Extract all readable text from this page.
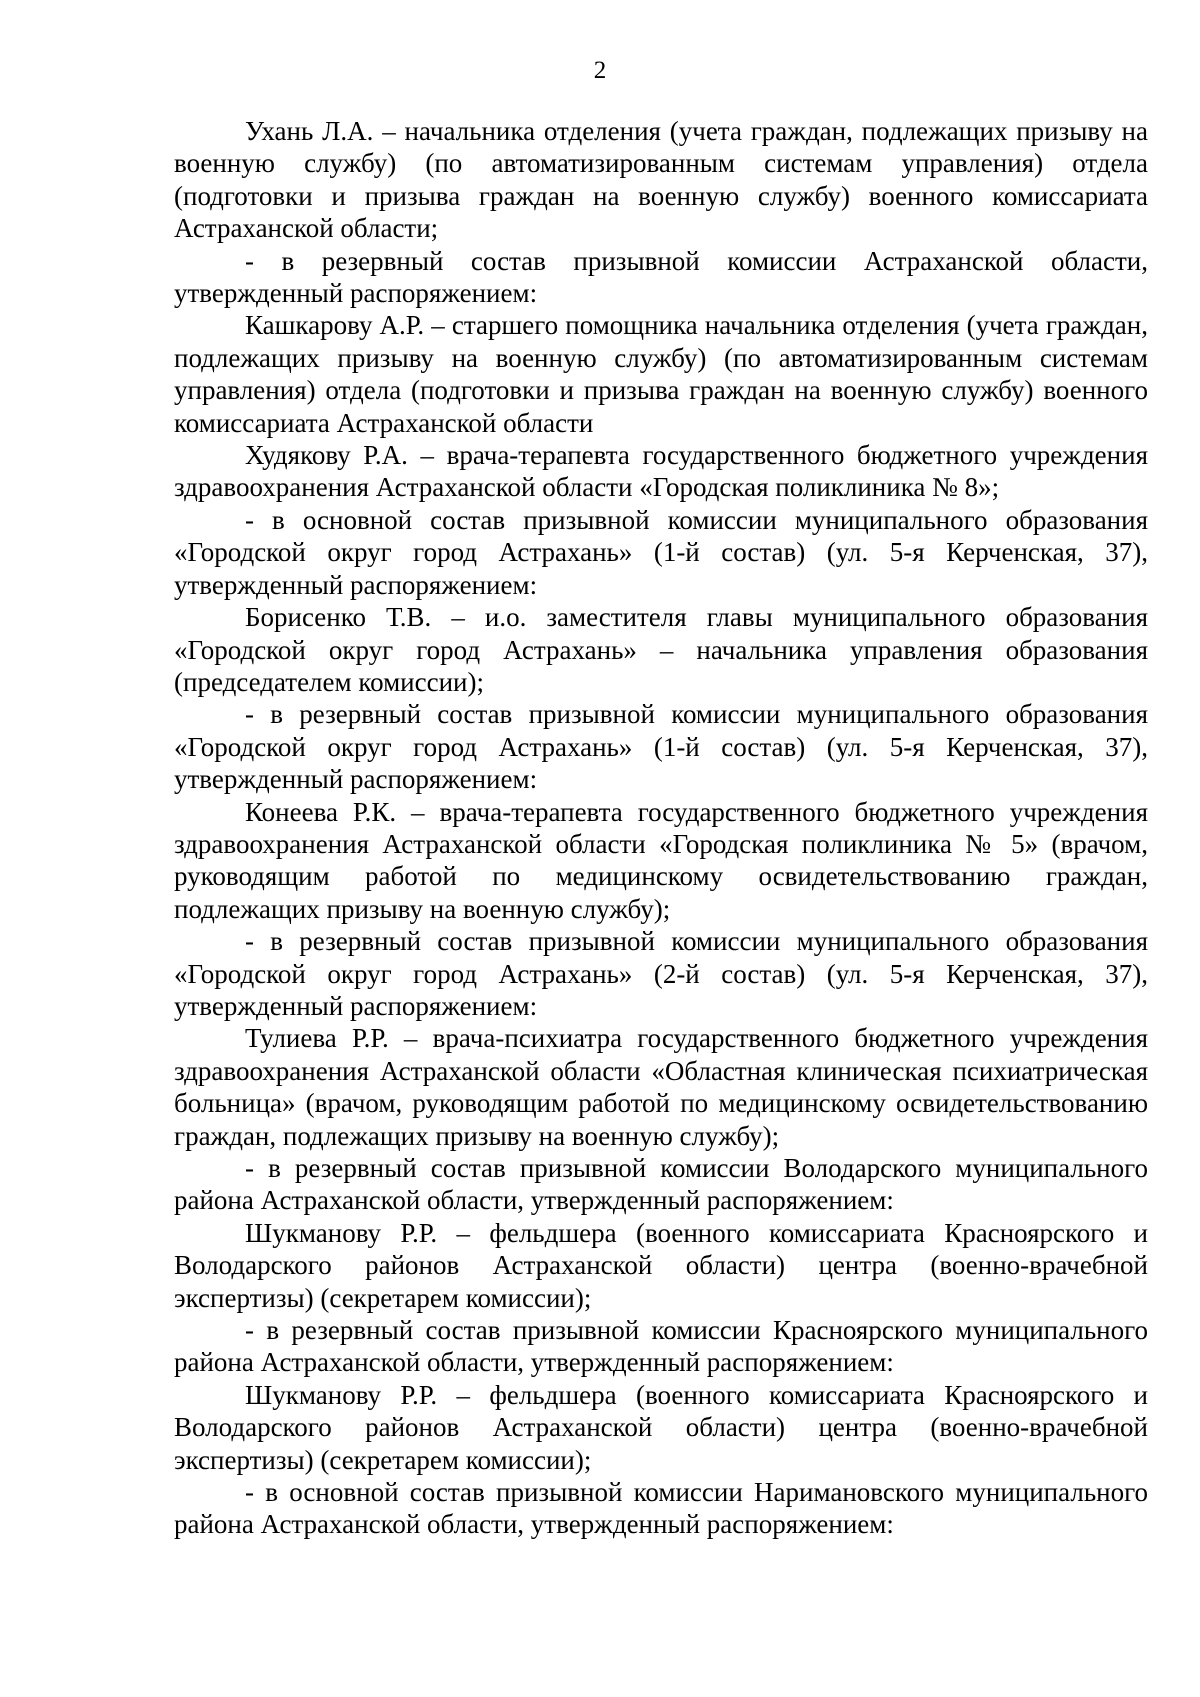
2

Ухань Л.А. – начальника отделения (учета граждан, подлежащих призыву на военную службу) (по автоматизированным системам управления) отдела (подготовки и призыва граждан на военную службу) военного комиссариата Астраханской области;

- в резервный состав призывной комиссии Астраханской области, утвержденный распоряжением:

Кашкарову А.Р. – старшего помощника начальника отделения (учета граждан, подлежащих призыву на военную службу) (по автоматизированным системам управления) отдела (подготовки и призыва граждан на военную службу) военного комиссариата Астраханской области

Худякову Р.А. – врача-терапевта государственного бюджетного учреждения здравоохранения Астраханской области «Городская поликлиника № 8»;

- в основной состав призывной комиссии муниципального образования «Городской округ город Астрахань» (1-й состав) (ул. 5-я Керченская, 37), утвержденный распоряжением:

Борисенко Т.В. – и.о. заместителя главы муниципального образования «Городской округ город Астрахань» – начальника управления образования (председателем комиссии);

- в резервный состав призывной комиссии муниципального образования «Городской округ город Астрахань» (1-й состав) (ул. 5-я Керченская, 37), утвержденный распоряжением:

Конеева Р.К. – врача-терапевта государственного бюджетного учреждения здравоохранения Астраханской области «Городская поликлиника № 5» (врачом, руководящим работой по медицинскому освидетельствованию граждан, подлежащих призыву на военную службу);

- в резервный состав призывной комиссии муниципального образования «Городской округ город Астрахань» (2-й состав) (ул. 5-я Керченская, 37), утвержденный распоряжением:

Тулиева Р.Р. – врача-психиатра государственного бюджетного учреждения здравоохранения Астраханской области «Областная клиническая психиатрическая больница» (врачом, руководящим работой по медицинскому освидетельствованию граждан, подлежащих призыву на военную службу);

- в резервный состав призывной комиссии Володарского муниципального района Астраханской области, утвержденный распоряжением:

Шукманову Р.Р. – фельдшера (военного комиссариата Красноярского и Володарского районов Астраханской области) центра (военно-врачебной экспертизы) (секретарем комиссии);

- в резервный состав призывной комиссии Красноярского муниципального района Астраханской области, утвержденный распоряжением:

Шукманову Р.Р. – фельдшера (военного комиссариата Красноярского и Володарского районов Астраханской области) центра (военно-врачебной экспертизы) (секретарем комиссии);

- в основной состав призывной комиссии Наримановского муниципального района Астраханской области, утвержденный распоряжением:
